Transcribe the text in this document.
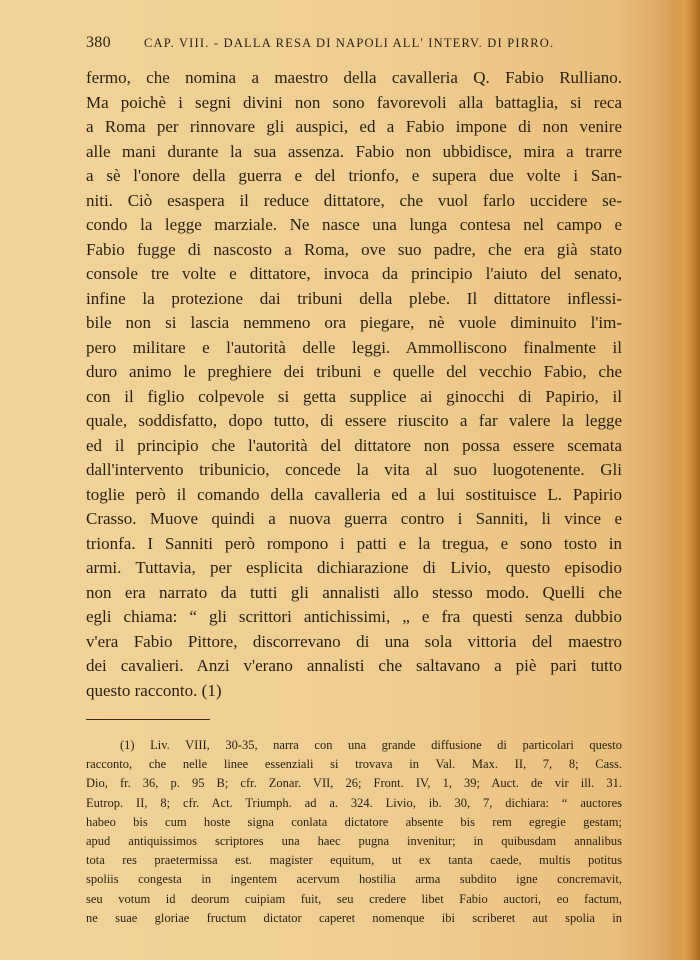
380	CAP. VIII. - DALLA RESA DI NAPOLI ALL' INTERV. DI PIRRO.
fermo, che nomina a maestro della cavalleria Q. Fabio Rulliano.
Ma poichè i segni divini non sono favorevoli alla battaglia, si reca
a Roma per rinnovare gli auspici, ed a Fabio impone di non venire
alle mani durante la sua assenza. Fabio non ubbidisce, mira a trarre
a sè l'onore della guerra e del trionfo, e supera due volte i San-
niti. Ciò esaspera il reduce dittatore, che vuol farlo uccidere se-
condo la legge marziale. Ne nasce una lunga contesa nel campo e
Fabio fugge di nascosto a Roma, ove suo padre, che era già stato
console tre volte e dittatore, invoca da principio l'aiuto del senato,
infine la protezione dai tribuni della plebe. Il dittatore inflessi-
bile non si lascia nemmeno ora piegare, nè vuole diminuito l'im-
pero militare e l'autorità delle leggi. Ammolliscono finalmente il
duro animo le preghiere dei tribuni e quelle del vecchio Fabio, che
con il figlio colpevole si getta supplice ai ginocchi di Papirio, il
quale, soddisfatto, dopo tutto, di essere riuscito a far valere la legge
ed il principio che l'autorità del dittatore non possa essere scemata
dall'intervento tribunicio, concede la vita al suo luogotenente. Gli
toglie però il comando della cavalleria ed a lui sostituisce L. Papirio
Crasso. Muove quindi a nuova guerra contro i Sanniti, li vince e
trionfa. I Sanniti però rompono i patti e la tregua, e sono tosto in
armi. Tuttavia, per esplicita dichiarazione di Livio, questo episodio
non era narrato da tutti gli annalisti allo stesso modo. Quelli che
egli chiama: “ gli scrittori antichissimi, „ e fra questi senza dubbio
v'era Fabio Pittore, discorrevano di una sola vittoria del maestro
dei cavalieri. Anzi v'erano annalisti che saltavano a piè pari tutto
questo racconto. (1)
(1) Liv. VIII, 30-35, narra con una grande diffusione di particolari questo
racconto, che nelle linee essenziali si trovava in Val. Max. II, 7, 8; Cass.
Dio, fr. 36, p. 95 B; cfr. Zonar. VII, 26; Front. IV, 1, 39; Auct. de vir ill. 31.
Eutrop. II, 8; cfr. Act. Triumph. ad a. 324. Livio, ib. 30, 7, dichiara: “ auctores
habeo bis cum hoste signa conlata dictatore absente bis rem egregie gestam;
apud antiquissimos scriptores una haec pugna invenitur; in quibusdam annalibus
tota res praetermissa est. magister equitum, ut ex tanta caede, multis potitus
spoliis congesta in ingentem acervum hostilia arma subdito igne concremavit,
seu votum id deorum cuipiam fuit, seu credere libet Fabio auctori, eo factum,
ne suae gloriae fructum dictator caperet nomenque ibi scriberet aut spolia in
